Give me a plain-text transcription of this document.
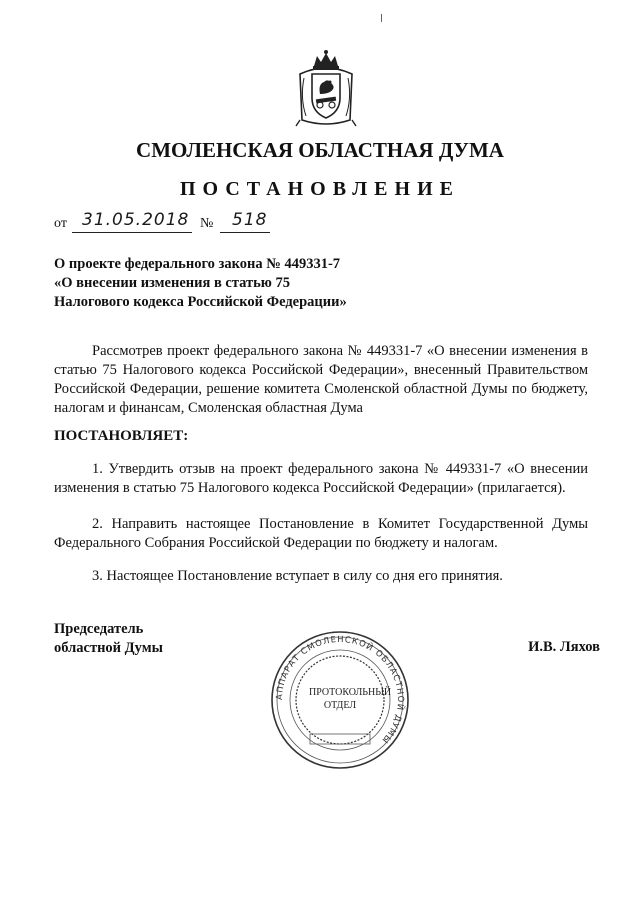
СМОЛЕНСКАЯ ОБЛАСТНАЯ ДУМА
ПОСТАНОВЛЕНИЕ
от 31.05.2018 № 518
О проекте федерального закона № 449331-7
«О внесении изменения в статью 75
Налогового кодекса Российской Федерации»
Рассмотрев проект федерального закона № 449331-7 «О внесении изменения в статью 75 Налогового кодекса Российской Федерации», внесенный Правительством Российской Федерации, решение комитета Смоленской областной Думы по бюджету, налогам и финансам, Смоленская областная Дума
ПОСТАНОВЛЯЕТ:
1. Утвердить отзыв на проект федерального закона № 449331-7 «О внесении изменения в статью 75 Налогового кодекса Российской Федерации» (прилагается).
2. Направить настоящее Постановление в Комитет Государственной Думы Федерального Собрания Российской Федерации по бюджету и налогам.
3. Настоящее Постановление вступает в силу со дня его принятия.
Председатель
областной Думы	И.В. Ляхов
АППАРАТ СМОЛЕНСКОЙ ОБЛАСТНОЙ ДУМЫ
ПРОТОКОЛЬНЫЙ
ОТДЕЛ
